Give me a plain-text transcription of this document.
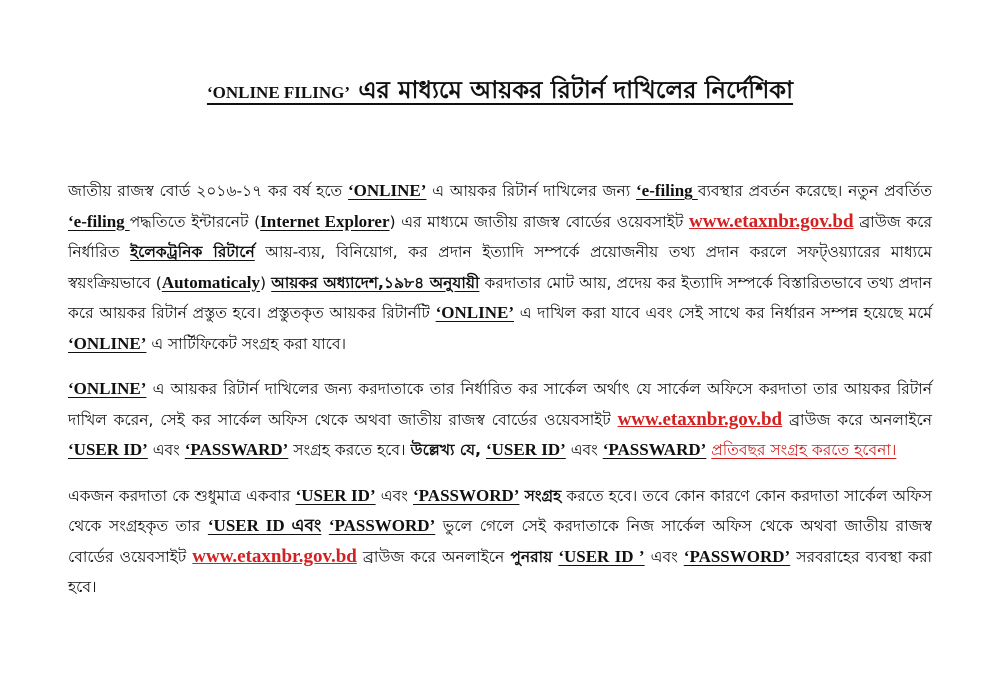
‘ONLINE FILING’ এর মাধ্যমে আয়কর রিটার্ন দাখিলের নির্দেশিকা

জাতীয় রাজস্ব বোর্ড ২০১৬-১৭ কর বর্ষ হতে ‘ONLINE’ এ আয়কর রিটার্ন দাখিলের জন্য ‘e-filing ব্যবস্থার প্রবর্তন করেছে। নতুন প্রবর্তিত ‘e-filing পদ্ধতিতে ইন্টারনেট (Internet Explorer) এর মাধ্যমে জাতীয় রাজস্ব বোর্ডের ওয়েবসাইট www.etaxnbr.gov.bd ব্রাউজ করে নির্ধারিত ইলেকট্রনিক রিটার্নে আয়-ব্যয়, বিনিয়োগ, কর প্রদান ইত্যাদি সম্পর্কে প্রয়োজনীয় তথ্য প্রদান করলে সফট্ওয়্যারের মাধ্যমে স্বয়ংক্রিয়ভাবে (Automaticaly) আয়কর অধ্যাদেশ,১৯৮৪ অনুযায়ী করদাতার মোট আয়, প্রদেয় কর ইত্যাদি সম্পর্কে বিস্তারিতভাবে তথ্য প্রদান করে আয়কর রিটার্ন প্রস্তুত হবে। প্রস্তুতকৃত আয়কর রিটার্নটি ‘ONLINE’ এ দাখিল করা যাবে এবং সেই সাথে কর নির্ধারন সম্পন্ন হয়েছে মর্মে ‘ONLINE’ এ সার্টিফিকেট সংগ্রহ করা যাবে।

‘ONLINE’ এ আয়কর রিটার্ন দাখিলের জন্য করদাতাকে তার নির্ধারিত কর সার্কেল অর্থাৎ যে সার্কেল অফিসে করদাতা তার আয়কর রিটার্ন দাখিল করেন, সেই কর সার্কেল অফিস থেকে অথবা জাতীয় রাজস্ব বোর্ডের ওয়েবসাইট www.etaxnbr.gov.bd ব্রাউজ করে অনলাইনে ‘USER ID’ এবং ‘PASSWARD’ সংগ্রহ করতে হবে। উল্লেখ্য যে, ‘USER ID’ এবং ‘PASSWARD’ প্রতিবছর সংগ্রহ করতে হবেনা।

একজন করদাতা কে শুধুমাত্র একবার ‘USER ID’ এবং ‘PASSWORD’ সংগ্রহ করতে হবে। তবে কোন কারণে কোন করদাতা সার্কেল অফিস থেকে সংগ্রহকৃত তার ‘USER ID এবং ‘PASSWORD’ ভুলে গেলে সেই করদাতাকে নিজ সার্কেল অফিস থেকে অথবা জাতীয় রাজস্ব বোর্ডের ওয়েবসাইট www.etaxnbr.gov.bd ব্রাউজ করে অনলাইনে পুনরায় ‘USER ID ’ এবং ‘PASSWORD’ সরবরাহের ব্যবস্থা করা হবে।
